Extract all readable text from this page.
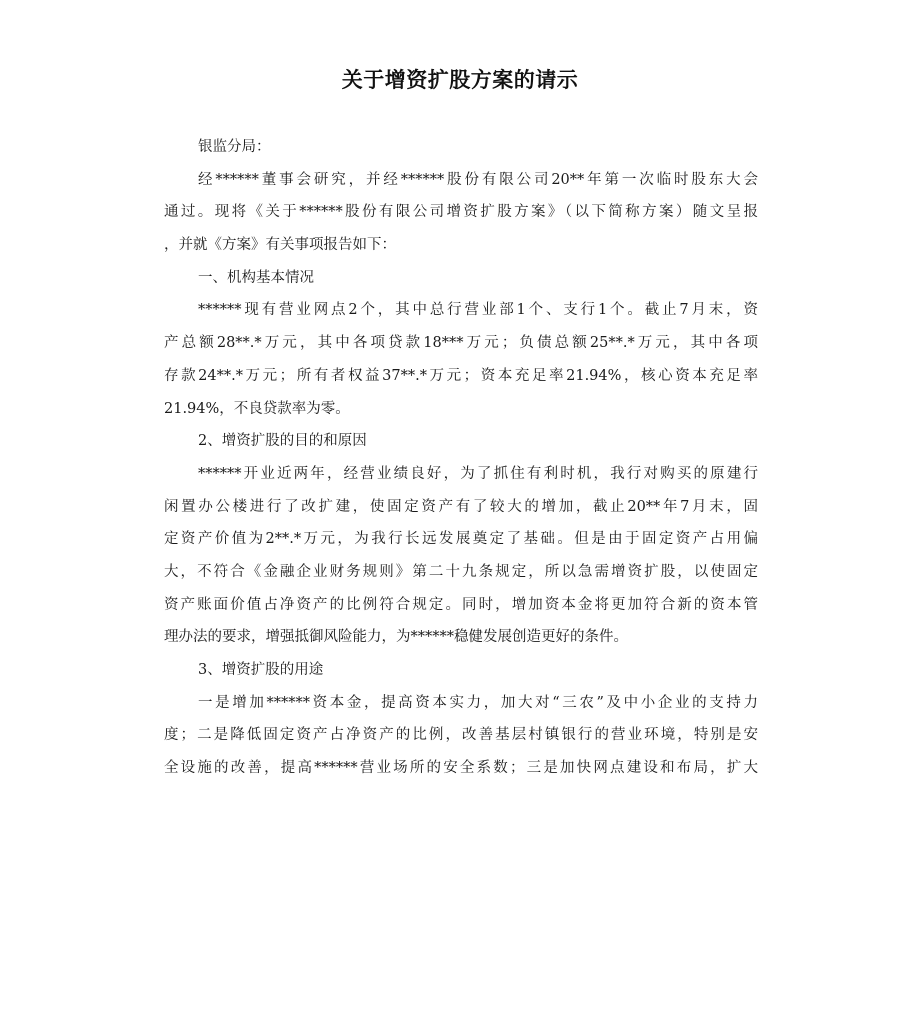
关于增资扩股方案的请示
银监分局：
经******董事会研究，并经******股份有限公司20**年第一次临时股东大会
通过。现将《关于******股份有限公司增资扩股方案》（以下简称方案）随文呈报
，并就《方案》有关事项报告如下：
一、机构基本情况
******现有营业网点2个，其中总行营业部1个、支行1个。截止7月末，资
产总额28**.*万元，其中各项贷款18***万元；负债总额25**.*万元，其中各项
存款24**.*万元；所有者权益37**.*万元；资本充足率21.94%，核心资本充足率
21.94%，不良贷款率为零。
2、增资扩股的目的和原因
******开业近两年，经营业绩良好，为了抓住有利时机，我行对购买的原建行
闲置办公楼进行了改扩建，使固定资产有了较大的增加，截止20**年7月末，固
定资产价值为2**.*万元，为我行长远发展奠定了基础。但是由于固定资产占用偏
大，不符合《金融企业财务规则》第二十九条规定，所以急需增资扩股，以使固定
资产账面价值占净资产的比例符合规定。同时，增加资本金将更加符合新的资本管
理办法的要求，增强抵御风险能力，为******稳健发展创造更好的条件。
3、增资扩股的用途
一是增加******资本金，提高资本实力，加大对“三农”及中小企业的支持力
度；二是降低固定资产占净资产的比例，改善基层村镇银行的营业环境，特别是安
全设施的改善，提高******营业场所的安全系数；三是加快网点建设和布局，扩大
